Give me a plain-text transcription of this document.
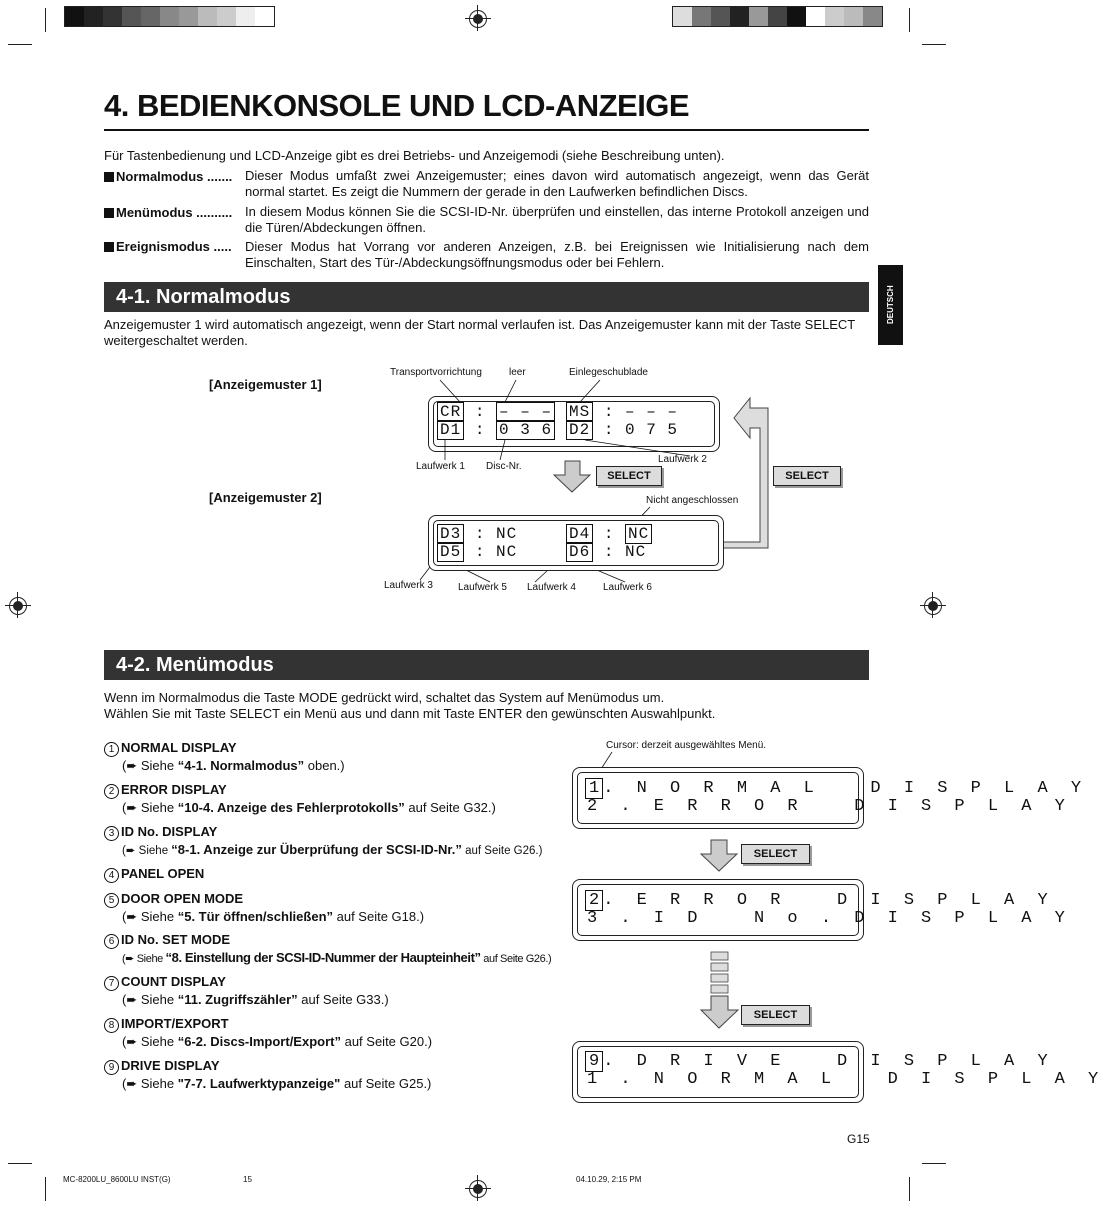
4. BEDIENKONSOLE UND LCD-ANZEIGE
Für Tastenbedienung und LCD-Anzeige gibt es drei Betriebs- und Anzeigemodi (siehe Beschreibung unten).
Normalmodus ....... Dieser Modus umfaßt zwei Anzeigemuster; eines davon wird automatisch angezeigt, wenn das Gerät normal startet. Es zeigt die Nummern der gerade in den Laufwerken befindlichen Discs.
Menümodus .......... In diesem Modus können Sie die SCSI-ID-Nr. überprüfen und einstellen, das interne Protokoll anzeigen und die Türen/Abdeckungen öffnen.
Ereignismodus ..... Dieser Modus hat Vorrang vor anderen Anzeigen, z.B. bei Ereignissen wie Initialisierung nach dem Einschalten, Start des Tür-/Abdeckungsöffnungsmodus oder bei Fehlern.
DEUTSCH
4-1. Normalmodus
Anzeigemuster 1 wird automatisch angezeigt, wenn der Start normal verlaufen ist. Das Anzeigemuster kann mit der Taste SELECT weitergeschaltet werden.
[Anzeigemuster 1]
[Anzeigemuster 2]
Transportvorrichtung	leer	Einlegeschublade
CR : – – – MS : – – –
D1 : 0 3 6 D2 : 0 7 5
Laufwerk 1 Disc-Nr.
Laufwerk 2
SELECT	SELECT
Nicht angeschlossen
D3 : NC	D4 : NC
D5 : NC	D6 : NC
Laufwerk 3	Laufwerk 5 Laufwerk 4	Laufwerk 6
4-2. Menümodus
Wenn im Normalmodus die Taste MODE gedrückt wird, schaltet das System auf Menümodus um.
Wählen Sie mit Taste SELECT ein Menü aus und dann mit Taste ENTER den gewünschten Auswahlpunkt.
1 NORMAL DISPLAY
(➨ Siehe “4-1. Normalmodus” oben.)
2 ERROR DISPLAY
(➨ Siehe “10-4. Anzeige des Fehlerprotokolls” auf Seite G32.)
3 ID No. DISPLAY
(➨ Siehe “8-1. Anzeige zur Überprüfung der SCSI-ID-Nr.” auf Seite G26.)
4 PANEL OPEN
5 DOOR OPEN MODE
(➨ Siehe “5. Tür öffnen/schließen” auf Seite G18.)
6 ID No. SET MODE
(➨ Siehe “8. Einstellung der SCSI-ID-Nummer der Haupteinheit” auf Seite G26.)
7 COUNT DISPLAY
(➨ Siehe “11. Zugriffszähler” auf Seite G33.)
8 IMPORT/EXPORT
(➨ Siehe “6-2. Discs-Import/Export” auf Seite G20.)
9 DRIVE DISPLAY
(➨ Siehe "7-7. Laufwerktypanzeige" auf Seite G25.)
Cursor: derzeit ausgewähltes Menü.
1 . N O R M A L   D I S P L A Y
2 . E R R O R   D I S P L A Y
SELECT
2 . E R R O R   D I S P L A Y
3 . I D   N o . D I S P L A Y
SELECT
9 . D R I V E   D I S P L A Y
1 . N O R M A L   D I S P L A Y
G15
MC-8200LU_8600LU INST(G)	15	04.10.29, 2:15 PM
